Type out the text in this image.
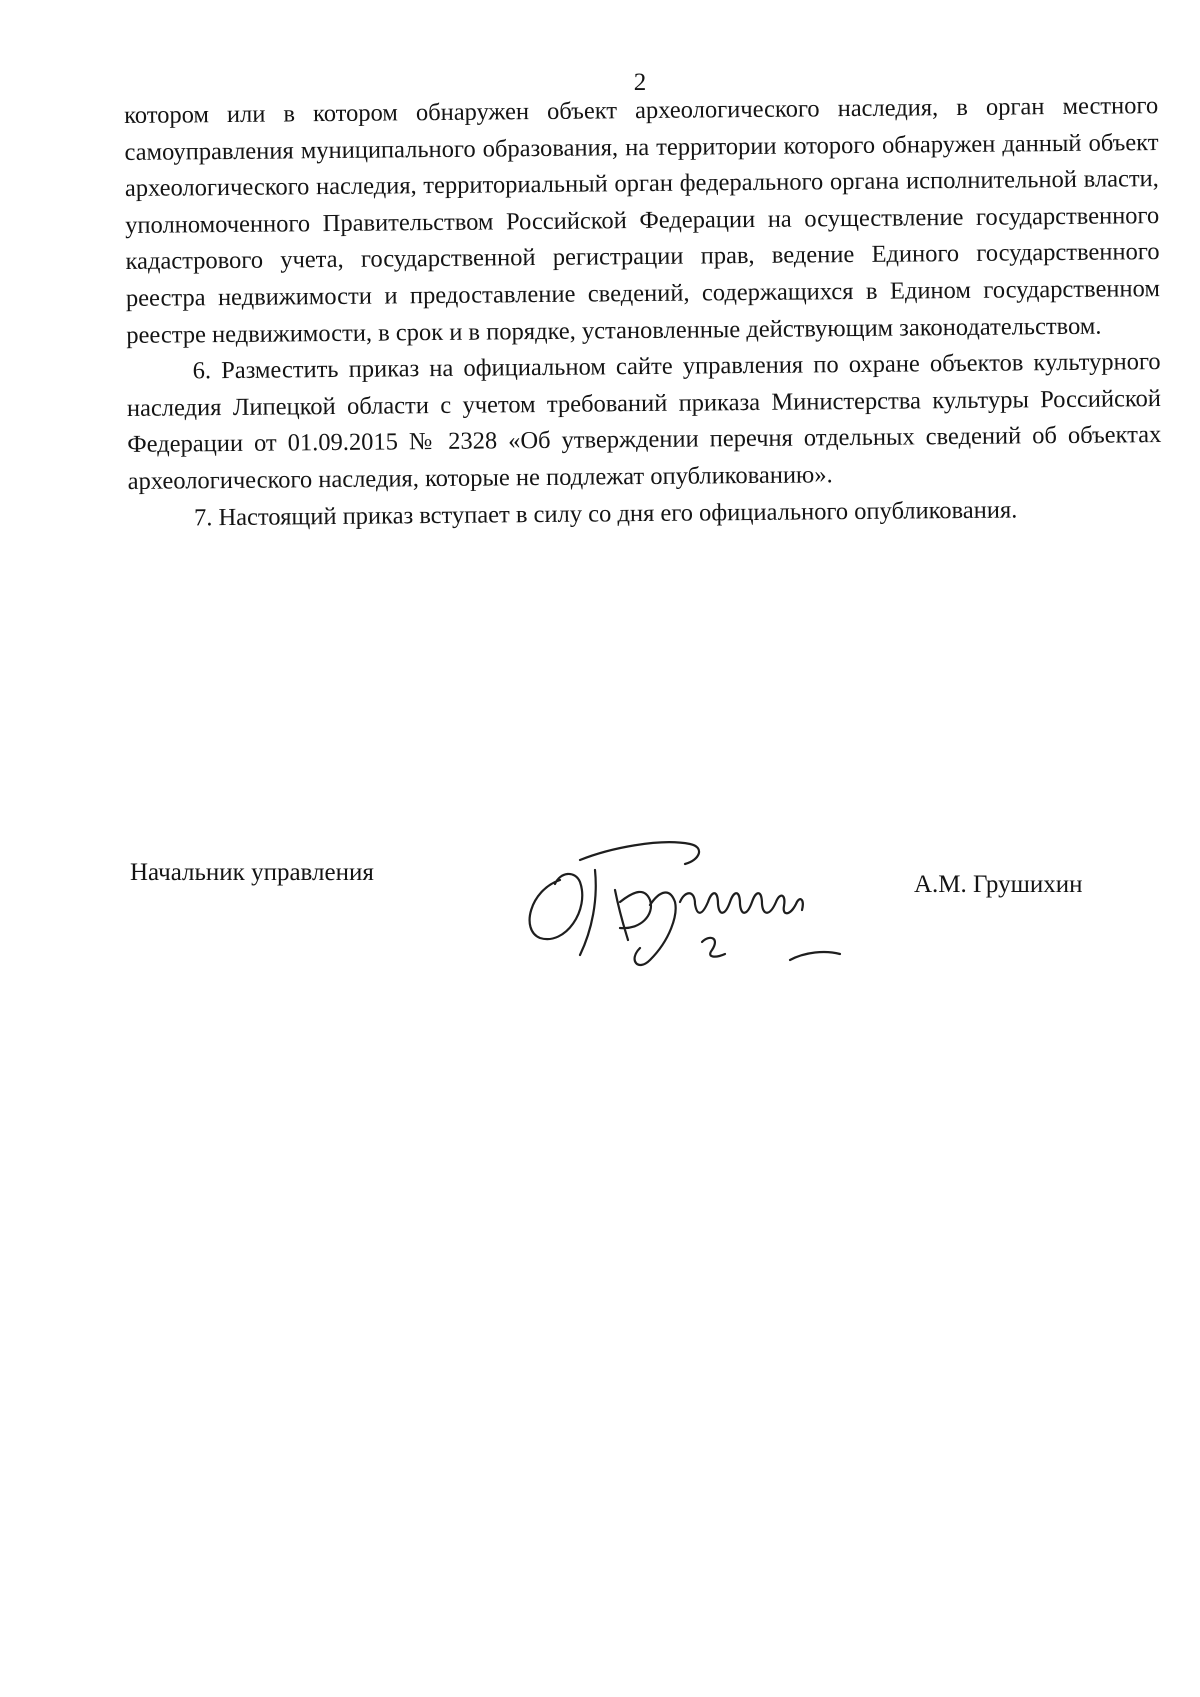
2

котором или в котором обнаружен объект археологического наследия, в орган местного самоуправления муниципального образования, на территории которого обнаружен данный объект археологического наследия, территориальный орган федерального органа исполнительной власти, уполномоченного Правительством Российской Федерации на осуществление государственного кадастрового учета, государственной регистрации прав, ведение Единого государственного реестра недвижимости и предоставление сведений, содержащихся в Едином государственном реестре недвижимости, в срок и в порядке, установленные действующим законодательством.

6. Разместить приказ на официальном сайте управления по охране объектов культурного наследия Липецкой области с учетом требований приказа Министерства культуры Российской Федерации от 01.09.2015 № 2328 «Об утверждении перечня отдельных сведений об объектах археологического наследия, которые не подлежат опубликованию».

7. Настоящий приказ вступает в силу со дня его официального опубликования.

Начальник управления	А.М. Грушихин
